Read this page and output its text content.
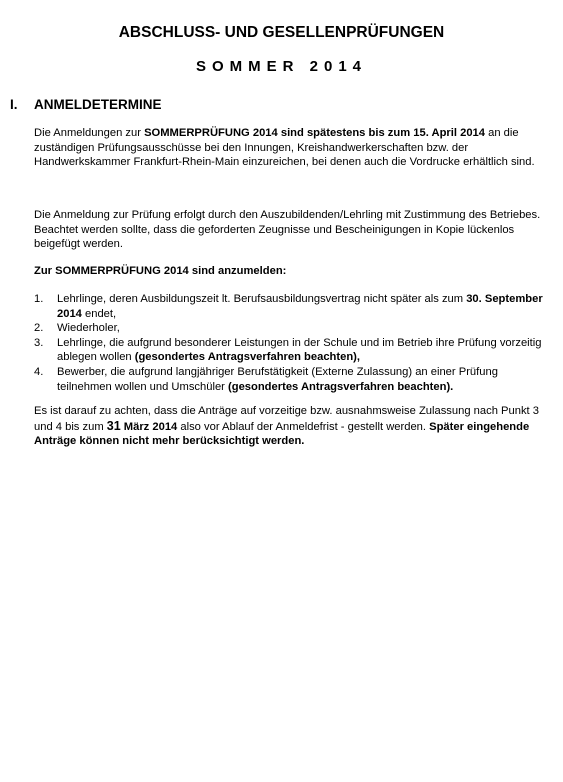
ABSCHLUSS- UND GESELLENPRÜFUNGEN
SOMMER 2014
I. ANMELDETERMINE
Die Anmeldungen zur SOMMERPRÜFUNG 2014 sind spätestens bis zum 15. April 2014 an die zuständigen Prüfungsausschüsse bei den Innungen, Kreishandwerkerschaften bzw. der Handwerkskammer Frankfurt-Rhein-Main einzureichen, bei denen auch die Vordrucke erhältlich sind.
Die Anmeldung zur Prüfung erfolgt durch den Auszubildenden/Lehrling mit Zustimmung des Betriebes. Beachtet werden sollte, dass die geforderten Zeugnisse und Bescheinigungen in Kopie lückenlos beigefügt werden.
Zur SOMMERPRÜFUNG 2014 sind anzumelden:
1. Lehrlinge, deren Ausbildungszeit lt. Berufsausbildungsvertrag nicht später als zum 30. September 2014 endet,
2. Wiederholer,
3. Lehrlinge, die aufgrund besonderer Leistungen in der Schule und im Betrieb ihre Prüfung vorzeitig ablegen wollen (gesondertes Antragsverfahren beachten),
4. Bewerber, die aufgrund langjähriger Berufstätigkeit (Externe Zulassung) an einer Prüfung teilnehmen wollen und Umschüler (gesondertes Antragsverfahren beachten).
Es ist darauf zu achten, dass die Anträge auf vorzeitige bzw. ausnahmsweise Zulassung nach Punkt 3 und 4 bis zum 31 März 2014 also vor Ablauf der Anmeldefrist - gestellt werden. Später eingehende Anträge können nicht mehr berücksichtigt werden.
